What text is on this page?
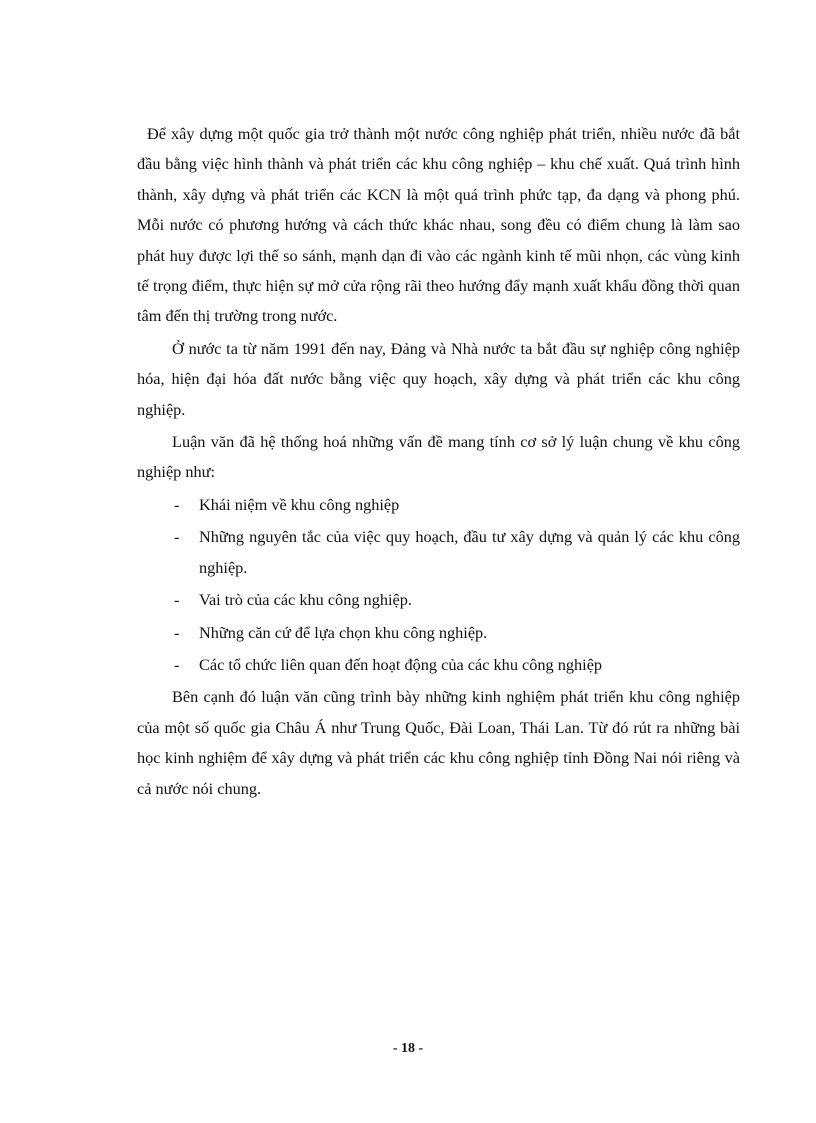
Để xây dựng một quốc gia trở thành một nước công nghiệp phát triển, nhiều nước đã bắt đầu bằng việc hình thành và phát triển các khu công nghiệp – khu chế xuất. Quá trình hình thành, xây dựng và phát triển các KCN là một quá trình phức tạp, đa dạng và phong phú. Mỗi nước có phương hướng và cách thức khác nhau, song đều có điểm chung là làm sao phát huy được lợi thế so sánh, mạnh dạn đi vào các ngành kinh tế mũi nhọn, các vùng kinh tế trọng điểm, thực hiện sự mở cửa rộng rãi theo hướng đẩy mạnh xuất khẩu đồng thời quan tâm đến thị trường trong nước.

Ở nước ta từ năm 1991 đến nay, Đảng và Nhà nước ta bắt đầu sự nghiệp công nghiệp hóa, hiện đại hóa đất nước bằng việc quy hoạch, xây dựng và phát triển các khu công nghiệp.

Luận văn đã hệ thống hoá những vấn đề mang tính cơ sở lý luận chung về khu công nghiệp như:

- Khái niệm về khu công nghiệp

- Những nguyên tắc của việc quy hoạch, đầu tư xây dựng và quản lý các khu công nghiệp.

- Vai trò của các khu công nghiệp.

- Những căn cứ để lựa chọn khu công nghiệp.

- Các tổ chức liên quan đến hoạt động của các khu công nghiệp

Bên cạnh đó luận văn cũng trình bày những kinh nghiệm phát triển khu công nghiệp của một số quốc gia Châu Á như Trung Quốc, Đài Loan, Thái Lan. Từ đó rút ra những bài học kinh nghiệm để xây dựng và phát triển các khu công nghiệp tỉnh Đồng Nai nói riêng và cả nước nói chung.

- 18 -
